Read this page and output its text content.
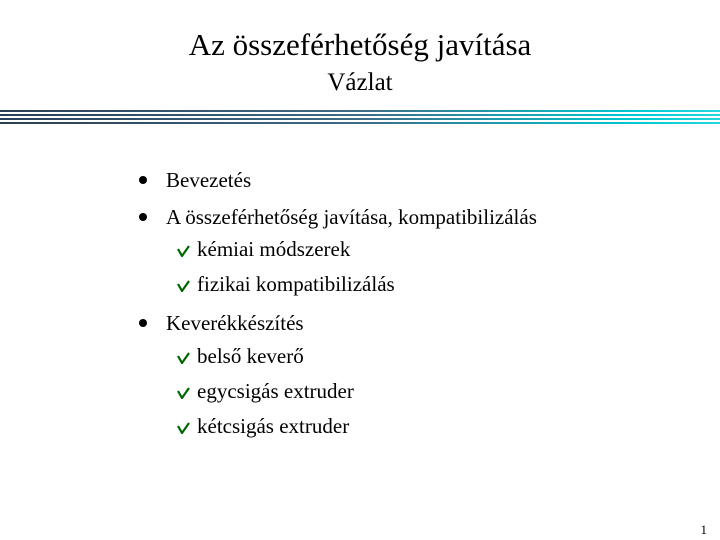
Az összeférhetőség javítása
Vázlat
Bevezetés
A összeférhetőség javítása, kompatibilizálás
kémiai módszerek
fizikai kompatibilizálás
Keverékkészítés
belső keverő
egycsigás extruder
kétcsigás extruder
1
